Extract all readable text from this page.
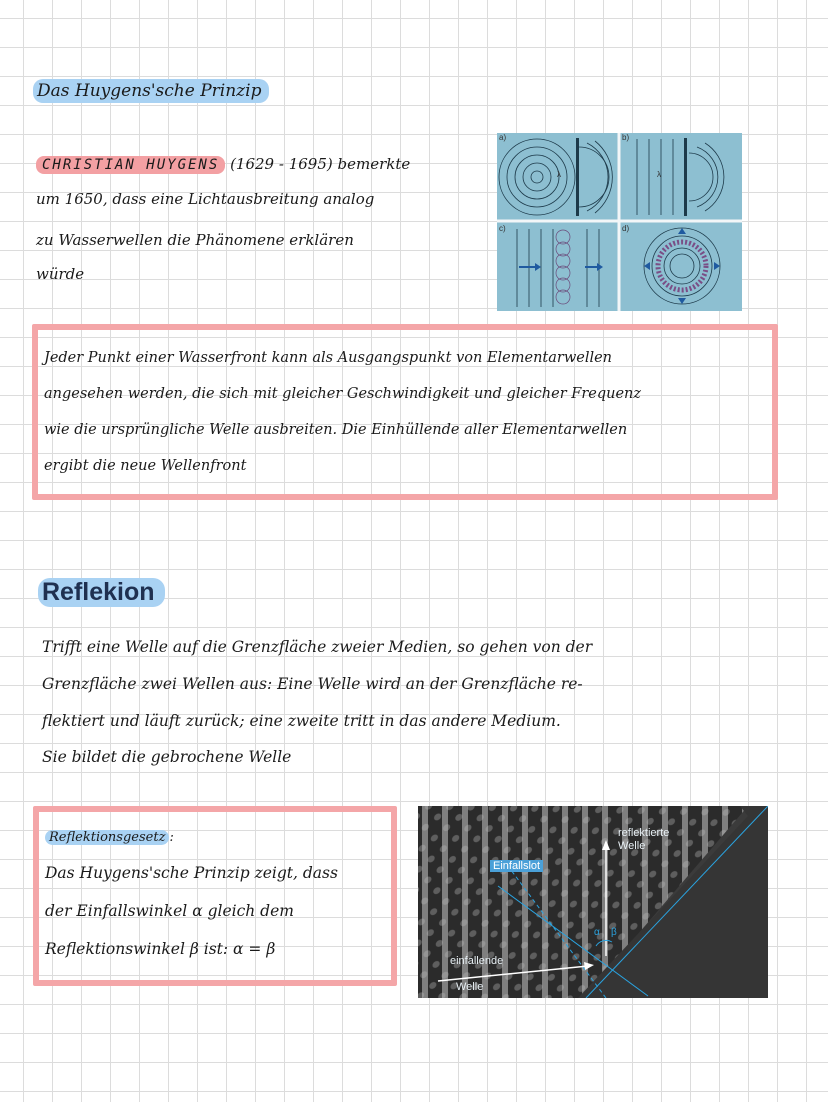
Das Huygens'sche Prinzip
CHRISTIAN HUYGENS (1629 - 1695) bemerkte
um 1650, dass eine Lichtausbreitung analog
zu Wasserwellen die Phänomene erklären
würde
a)	b)
c)	d)
λ	λ
Jeder Punkt einer Wasserfront kann als Ausgangspunkt von Elementarwellen
angesehen werden, die sich mit gleicher Geschwindigkeit und gleicher Frequenz
wie die ursprüngliche Welle ausbreiten. Die Einhüllende aller Elementarwellen
ergibt die neue Wellenfront
Reflekion
Trifft eine Welle auf die Grenzfläche zweier Medien, so gehen von der
Grenzfläche zwei Wellen aus: Eine Welle wird an der Grenzfläche re-
flektiert und läuft zurück; eine zweite tritt in das andere Medium.
Sie bildet die gebrochene Welle
Reflektionsgesetz :
Das Huygens'sche Prinzip zeigt, dass
der Einfallswinkel α gleich dem
Reflektionswinkel β ist: α = β
reflektierte
Welle
Einfallslot
einfallende
Welle
α β
